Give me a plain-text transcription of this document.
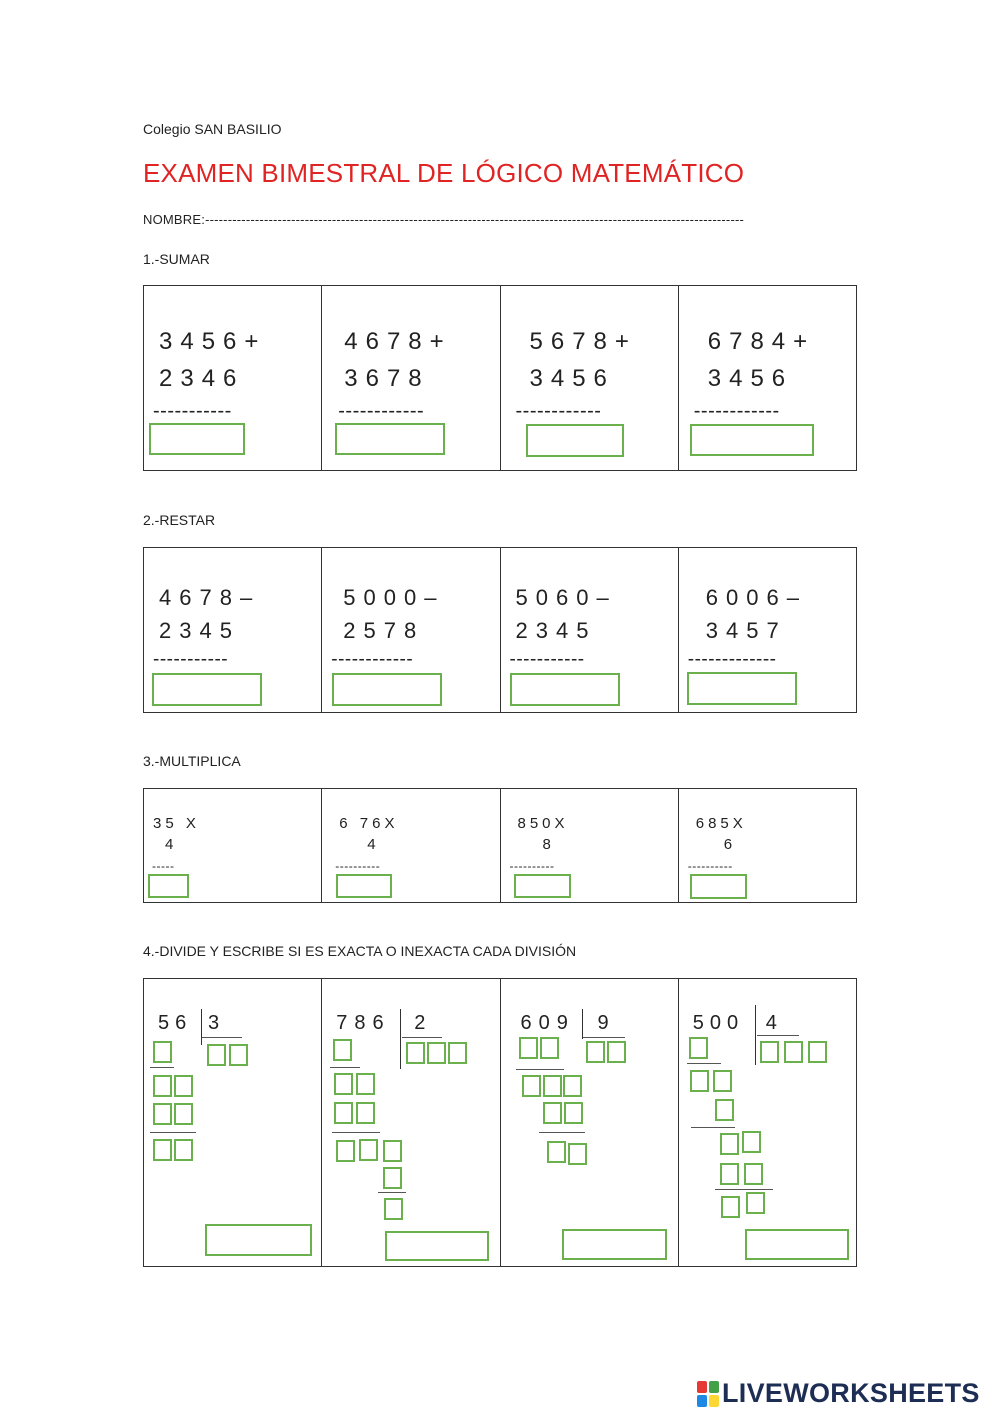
Colegio SAN BASILIO
EXAMEN BIMESTRAL DE LÓGICO MATEMÁTICO
NOMBRE:-----------------------------------------------------------------------------------------------------------------------
1.-SUMAR
3456+
2346
-----------
4678+
3678
------------
5678+
3456
------------
6784+
3456
------------
2.-RESTAR
4678–
2345
-----------
5000–
2578
------------
5060–
2345
-----------
6006–
3457
-------------
3.-MULTIPLICA
35 X
4
-----
6 76X
4
----------
850X
8
----------
685X
6
----------
4.-DIVIDE Y ESCRIBE SI ES EXACTA O INEXACTA CADA DIVISIÓN
56 3	786 2	609 9	500 4
LIVEWORKSHEETS
